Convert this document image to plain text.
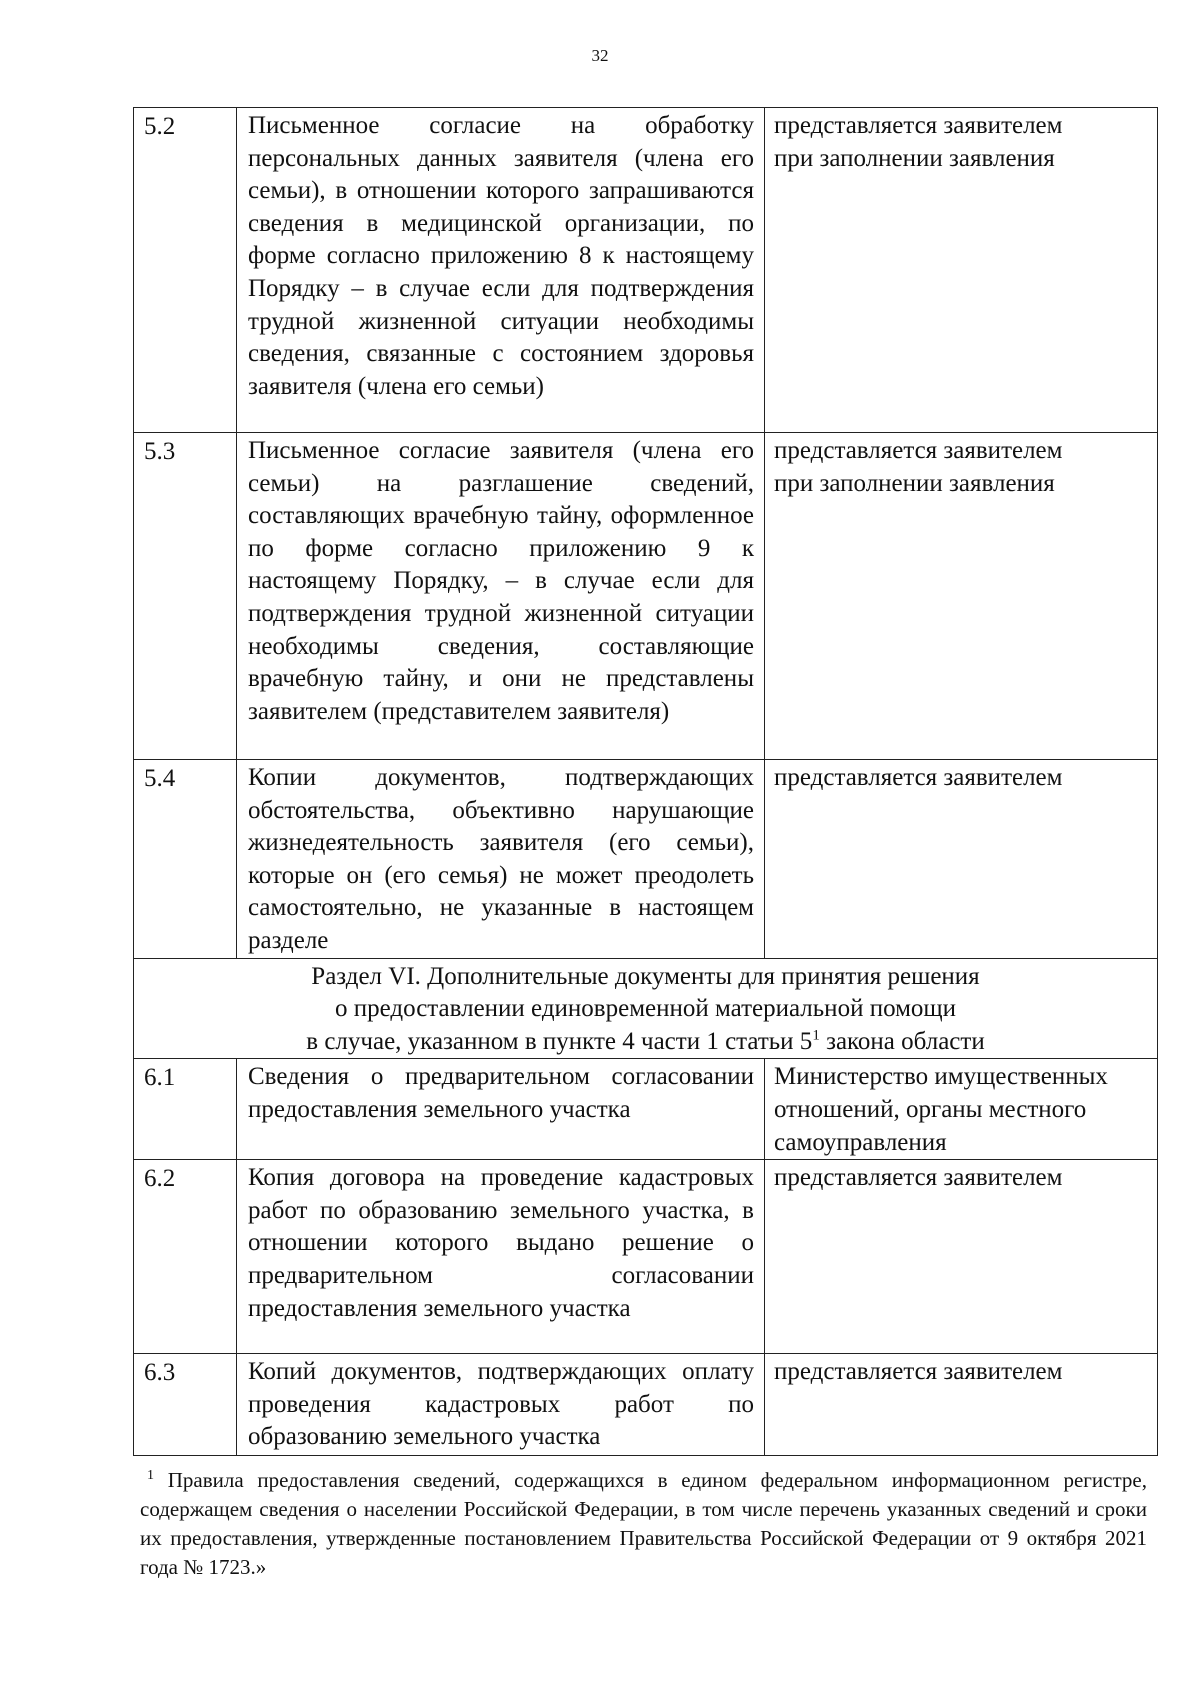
32
5.2	Письменное согласие на обработку персональных данных заявителя (члена его семьи), в отношении которого запрашиваются сведения в медицинской организации, по форме согласно приложению 8 к настоящему Порядку – в случае если для подтверждения трудной жизненной ситуации необходимы сведения, связанные с состоянием здоровья заявителя (члена его семьи)	представляется заявителем
при заполнении заявления

5.3	Письменное согласие заявителя (члена его семьи) на разглашение сведений, составляющих врачебную тайну, оформленное по форме согласно приложению 9 к настоящему Порядку, – в случае если для подтверждения трудной жизненной ситуации необходимы сведения, составляющие врачебную тайну, и они не представлены заявителем (представителем заявителя)	представляется заявителем
при заполнении заявления

5.4	Копии документов, подтверждающих обстоятельства, объективно нарушающие жизнедеятельность заявителя (его семьи), которые он (его семья) не может преодолеть самостоятельно, не указанные в настоящем разделе	представляется заявителем

Раздел VI. Дополнительные документы для принятия решения
о предоставлении единовременной материальной помощи
в случае, указанном в пункте 4 части 1 статьи $5^1$ закона области		

6.1	Сведения о предварительном согласовании предоставления земельного участка	Министерство имущественных
отношений, органы местного
самоуправления

6.2	Копия договора на проведение кадастровых работ по образованию земельного участка, в отношении которого выдано решение о предварительном согласовании предоставления земельного участка	представляется заявителем

6.3	Копий документов, подтверждающих оплату проведения кадастровых работ по образованию земельного участка	представляется заявителем
$^1$ Правила предоставления сведений, содержащихся в едином федеральном информационном регистре, содержащем сведения о населении Российской Федерации, в том числе перечень указанных сведений и сроки их предоставления, утвержденные постановлением Правительства Российской Федерации от 9 октября 2021 года № 1723.»
